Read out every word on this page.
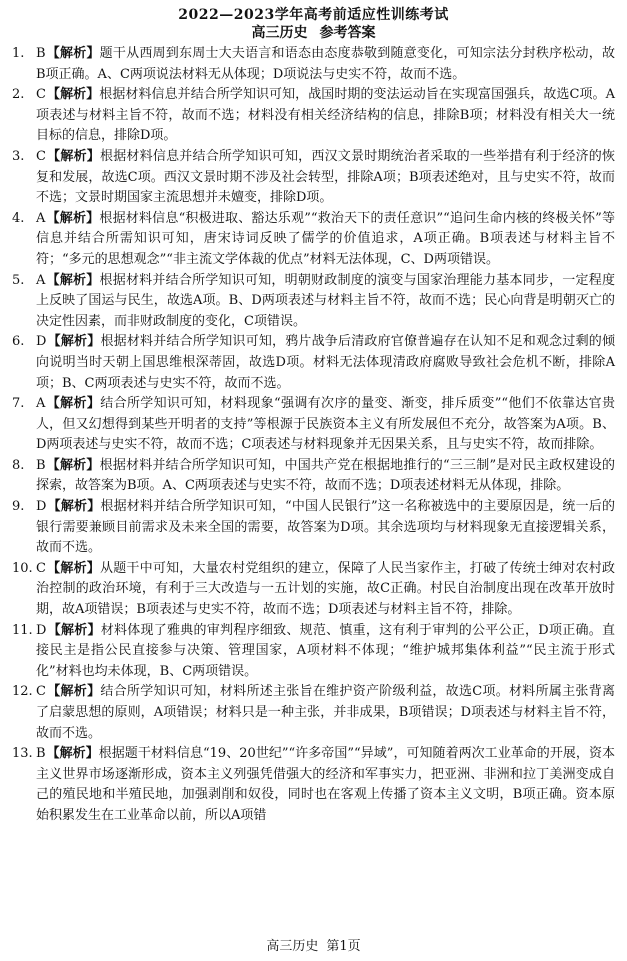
2022—2023学年高考前适应性训练考试
高三历史 参考答案
1. B【解析】题干从西周到东周士大夫语言和语态由态度恭敬到随意变化，可知宗法分封秩序松动，故B项正确。A、C两项说法材料无从体现；D项说法与史实不符，故而不选。
2. C【解析】根据材料信息并结合所学知识可知，战国时期的变法运动旨在实现富国强兵，故选C项。A项表述与材料主旨不符，故而不选；材料没有相关经济结构的信息，排除B项；材料没有相关大一统目标的信息，排除D项。
3. C【解析】根据材料信息并结合所学知识可知，西汉文景时期统治者采取的一些举措有利于经济的恢复和发展，故选C项。西汉文景时期不涉及社会转型，排除A项；B项表述绝对，且与史实不符，故而不选；文景时期国家主流思想并未嬗变，排除D项。
4. A【解析】根据材料信息“积极进取、豁达乐观”“救治天下的责任意识”“追问生命内核的终极关怀”等信息并结合所需知识可知，唐宋诗词反映了儒学的价值追求，A项正确。B项表述与材料主旨不符；“多元的思想观念”“非主流文学体裁的优点”材料无法体现，C、D两项错误。
5. A【解析】根据材料并结合所学知识可知，明朝财政制度的演变与国家治理能力基本同步，一定程度上反映了国运与民生，故选A项。B、D两项表述与材料主旨不符，故而不选；民心向背是明朝灭亡的决定性因素，而非财政制度的变化，C项错误。
6. D【解析】根据材料并结合所学知识可知，鸦片战争后清政府官僚普遍存在认知不足和观念过剩的倾向说明当时天朝上国思维根深蒂固，故选D项。材料无法体现清政府腐败导致社会危机不断，排除A项；B、C两项表述与史实不符，故而不选。
7. A【解析】结合所学知识可知，材料现象“强调有次序的量变、渐变，排斥质变”“他们不依靠达官贵人，但又幻想得到某些开明者的支持”等根源于民族资本主义有所发展但不充分，故答案为A项。B、D两项表述与史实不符，故而不选；C项表述与材料现象并无因果关系，且与史实不符，故而排除。
8. B【解析】根据材料并结合所学知识可知，中国共产党在根据地推行的“三三制”是对民主政权建设的探索，故答案为B项。A、C两项表述与史实不符，故而不选；D项表述材料无从体现，排除。
9. D【解析】根据材料并结合所学知识可知，“中国人民银行”这一名称被选中的主要原因是，统一后的银行需要兼顾目前需求及未来全国的需要，故答案为D项。其余选项均与材料现象无直接逻辑关系，故而不选。
10. C【解析】从题干中可知，大量农村党组织的建立，保障了人民当家作主，打破了传统士绅对农村政治控制的政治环境，有利于三大改造与一五计划的实施，故C正确。村民自治制度出现在改革开放时期，故A项错误；B项表述与史实不符，故而不选；D项表述与材料主旨不符，排除。
11. D【解析】材料体现了雅典的审判程序细致、规范、慎重，这有利于审判的公平公正，D项正确。直接民主是指公民直接参与决策、管理国家，A项材料不体现；“维护城邦集体利益”“民主流于形式化”材料也均未体现，B、C两项错误。
12. C【解析】结合所学知识可知，材料所述主张旨在维护资产阶级利益，故选C项。材料所属主张背离了启蒙思想的原则，A项错误；材料只是一种主张，并非成果，B项错误；D项表述与材料主旨不符，故而不选。
13. B【解析】根据题干材料信息“19、20世纪”“许多帝国”“异域”，可知随着两次工业革命的开展，资本主义世界市场逐渐形成，资本主义列强凭借强大的经济和军事实力，把亚洲、非洲和拉丁美洲变成自己的殖民地和半殖民地，加强剥削和奴役，同时也在客观上传播了资本主义文明，B项正确。资本原始积累发生在工业革命以前，所以A项错
高三历史 第1页
